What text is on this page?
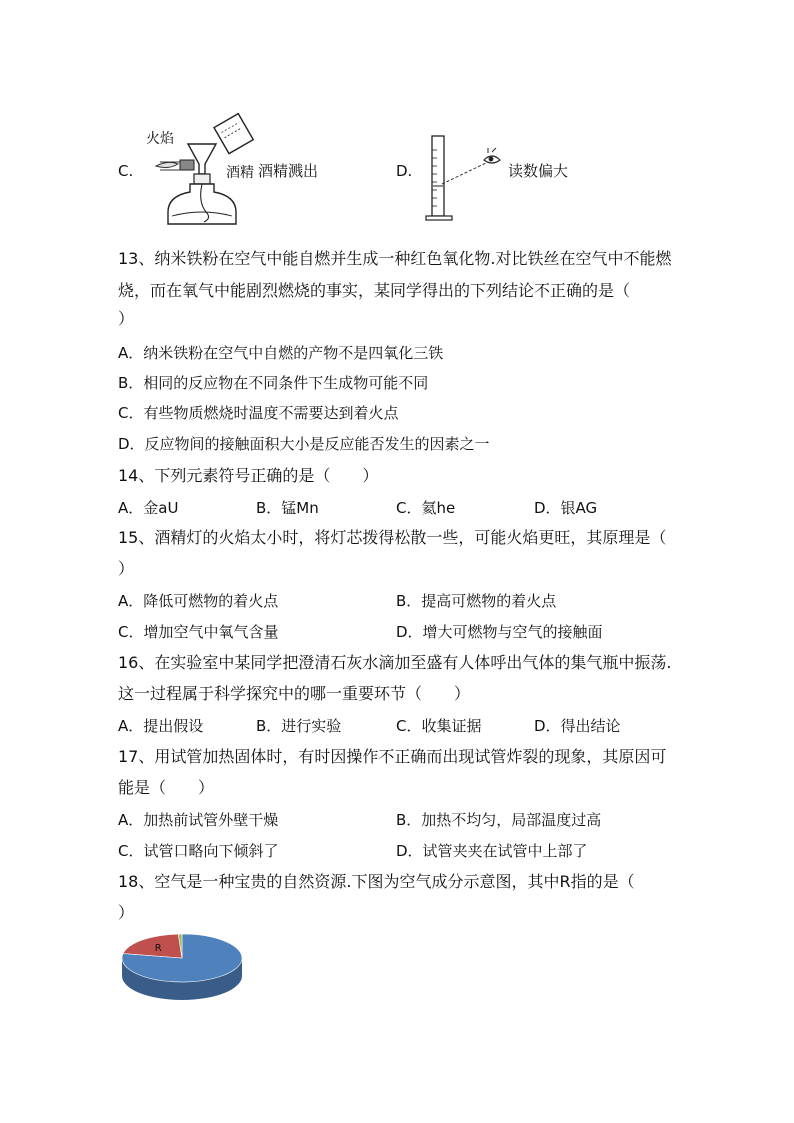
C.
火焰
酒精 酒精溅出	D.	读数偏大
13、纳米铁粉在空气中能自燃并生成一种红色氧化物.对比铁丝在空气中不能燃
烧，而在氧气中能剧烈燃烧的事实，某同学得出的下列结论不正确的是（
）
A．纳米铁粉在空气中自燃的产物不是四氧化三铁
B．相同的反应物在不同条件下生成物可能不同
C．有些物质燃烧时温度不需要达到着火点
D．反应物间的接触面积大小是反应能否发生的因素之一
14、下列元素符号正确的是（　　）
A．金aU	B．锰Mn	C．氦he	D．银AG
15、酒精灯的火焰太小时，将灯芯拨得松散一些，可能火焰更旺，其原理是（
）
A．降低可燃物的着火点	B．提高可燃物的着火点
C．增加空气中氧气含量	D．增大可燃物与空气的接触面
16、在实验室中某同学把澄清石灰水滴加至盛有人体呼出气体的集气瓶中振荡.
这一过程属于科学探究中的哪一重要环节（　　）
A．提出假设	B．进行实验	C．收集证据	D．得出结论
17、用试管加热固体时，有时因操作不正确而出现试管炸裂的现象，其原因可
能是（　　）
A．加热前试管外壁干燥	B．加热不均匀，局部温度过高
C．试管口略向下倾斜了	D．试管夹夹在试管中上部了
18、空气是一种宝贵的自然资源.下图为空气成分示意图，其中R指的是（
）
R
